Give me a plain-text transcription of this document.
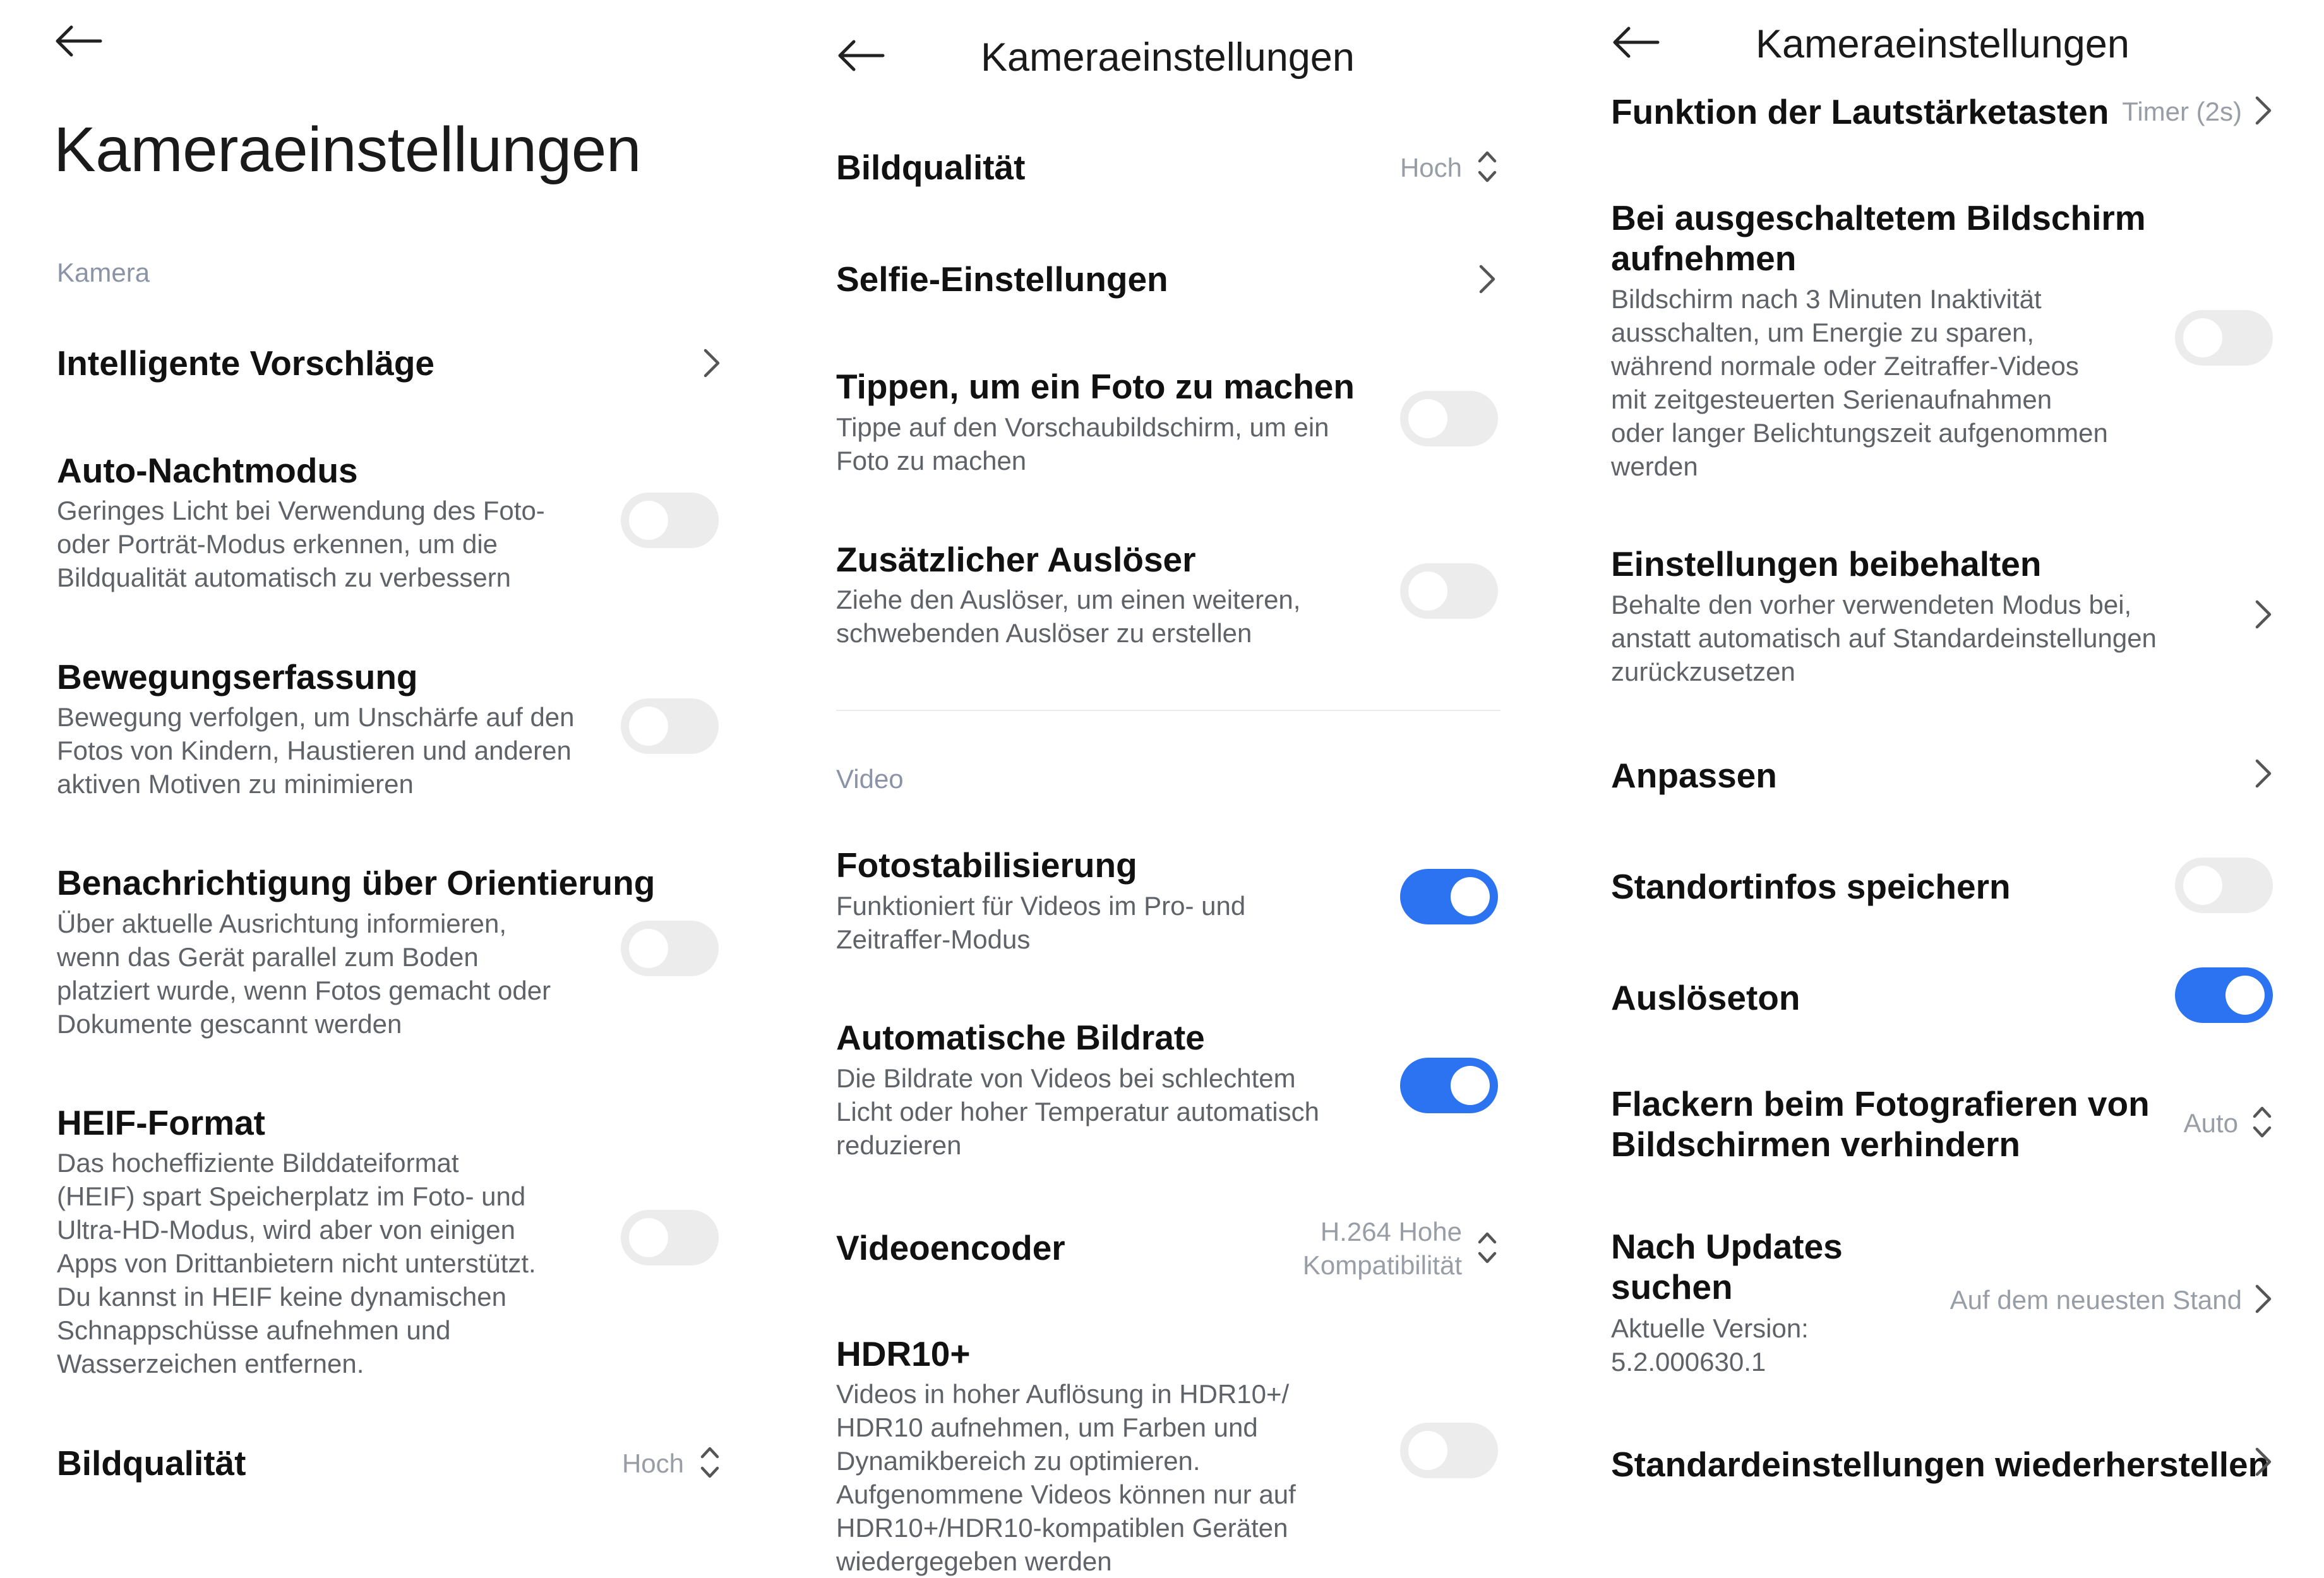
Kameraeinstellungen
Kamera
Intelligente Vorschläge
Auto-Nachtmodus
Geringes Licht bei Verwendung des Foto-
oder Porträt-Modus erkennen, um die
Bildqualität automatisch zu verbessern
Bewegungserfassung
Bewegung verfolgen, um Unschärfe auf den
Fotos von Kindern, Haustieren und anderen
aktiven Motiven zu minimieren
Benachrichtigung über Orientierung
Über aktuelle Ausrichtung informieren,
wenn das Gerät parallel zum Boden
platziert wurde, wenn Fotos gemacht oder
Dokumente gescannt werden
HEIF-Format
Das hocheffiziente Bilddateiformat
(HEIF) spart Speicherplatz im Foto- und
Ultra-HD-Modus, wird aber von einigen
Apps von Drittanbietern nicht unterstützt.
Du kannst in HEIF keine dynamischen
Schnappschüsse aufnehmen und
Wasserzeichen entfernen.
Bildqualität	Hoch
Kameraeinstellungen
Bildqualität	Hoch
Selfie-Einstellungen
Tippen, um ein Foto zu machen
Tippe auf den Vorschaubildschirm, um ein
Foto zu machen
Zusätzlicher Auslöser
Ziehe den Auslöser, um einen weiteren,
schwebenden Auslöser zu erstellen
Video
Fotostabilisierung
Funktioniert für Videos im Pro- und
Zeitraffer-Modus
Automatische Bildrate
Die Bildrate von Videos bei schlechtem
Licht oder hoher Temperatur automatisch
reduzieren
Videoencoder	H.264 Hohe
Kompatibilität
HDR10+
Videos in hoher Auflösung in HDR10+/
HDR10 aufnehmen, um Farben und
Dynamikbereich zu optimieren.
Aufgenommene Videos können nur auf
HDR10+/HDR10-kompatiblen Geräten
wiedergegeben werden
Kameraeinstellungen
Funktion der Lautstärketasten Timer (2s)
Bei ausgeschaltetem Bildschirm
aufnehmen
Bildschirm nach 3 Minuten Inaktivität
ausschalten, um Energie zu sparen,
während normale oder Zeitraffer-Videos
mit zeitgesteuerten Serienaufnahmen
oder langer Belichtungszeit aufgenommen
werden
Einstellungen beibehalten
Behalte den vorher verwendeten Modus bei,
anstatt automatisch auf Standardeinstellungen
zurückzusetzen
Anpassen
Standortinfos speichern
Auslöseton
Flackern beim Fotografieren von
Bildschirmen verhindern
Auto
Nach Updates
suchen
Aktuelle Version:
5.2.000630.1
Auf dem neuesten Stand
Standardeinstellungen wiederherstellen
